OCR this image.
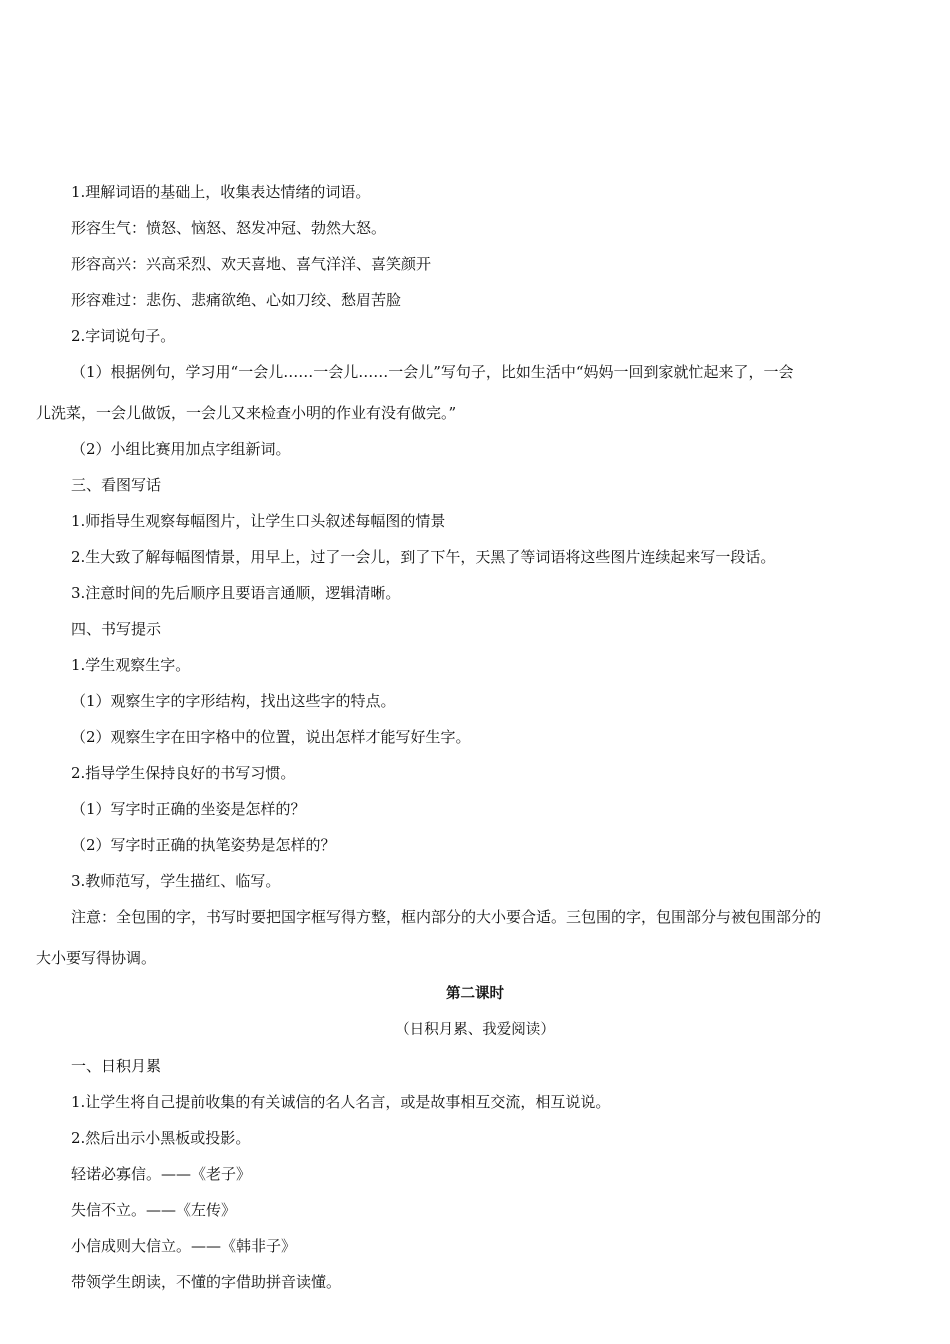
1.理解词语的基础上，收集表达情绪的词语。
形容生气：愤怒、恼怒、怒发冲冠、勃然大怒。
形容高兴：兴高采烈、欢天喜地、喜气洋洋、喜笑颜开
形容难过：悲伤、悲痛欲绝、心如刀绞、愁眉苦脸
2.字词说句子。
（1）根据例句，学习用“一会儿……一会儿……一会儿”写句子，比如生活中“妈妈一回到家就忙起来了，一会
儿洗菜，一会儿做饭，一会儿又来检查小明的作业有没有做完。”
（2）小组比赛用加点字组新词。
三、看图写话
1.师指导生观察每幅图片，让学生口头叙述每幅图的情景
2.生大致了解每幅图情景，用早上，过了一会儿，到了下午，天黑了等词语将这些图片连续起来写一段话。
3.注意时间的先后顺序且要语言通顺，逻辑清晰。
四、书写提示
1.学生观察生字。
（1）观察生字的字形结构，找出这些字的特点。
（2）观察生字在田字格中的位置，说出怎样才能写好生字。
2.指导学生保持良好的书写习惯。
（1）写字时正确的坐姿是怎样的？
（2）写字时正确的执笔姿势是怎样的？
3.教师范写，学生描红、临写。
注意：全包围的字，书写时要把国字框写得方整，框内部分的大小要合适。三包围的字，包围部分与被包围部分的
大小要写得协调。
第二课时
（日积月累、我爱阅读）
一、日积月累
1.让学生将自己提前收集的有关诚信的名人名言，或是故事相互交流，相互说说。
2.然后出示小黑板或投影。
轻诺必寡信。——《老子》
失信不立。——《左传》
小信成则大信立。——《韩非子》
带领学生朗读，不懂的字借助拼音读懂。
